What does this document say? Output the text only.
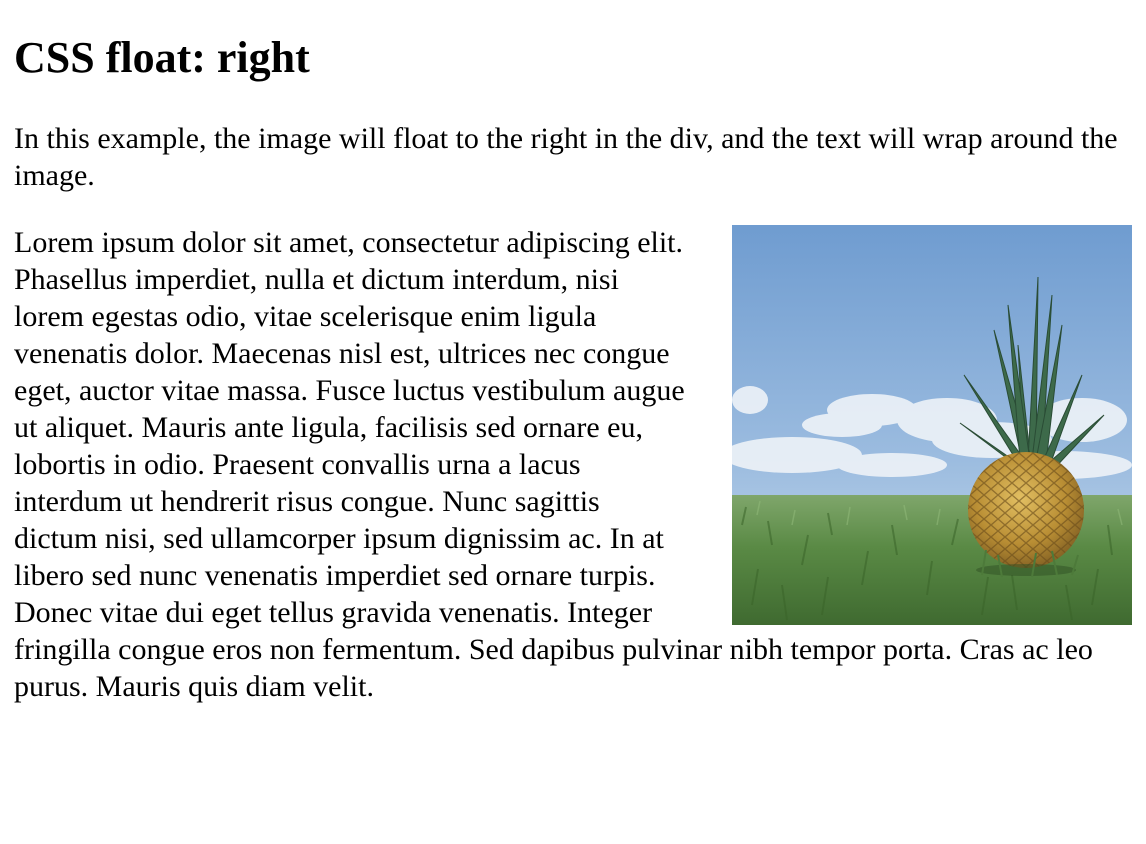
CSS float: right

In this example, the image will float to the right in the div, and the text will wrap around the image.

Lorem ipsum dolor sit amet, consectetur adipiscing elit. Phasellus imperdiet, nulla et dictum interdum, nisi lorem egestas odio, vitae scelerisque enim ligula venenatis dolor. Maecenas nisl est, ultrices nec congue eget, auctor vitae massa. Fusce luctus vestibulum augue ut aliquet. Mauris ante ligula, facilisis sed ornare eu, lobortis in odio. Praesent convallis urna a lacus interdum ut hendrerit risus congue. Nunc sagittis dictum nisi, sed ullamcorper ipsum dignissim ac. In at libero sed nunc venenatis imperdiet sed ornare turpis. Donec vitae dui eget tellus gravida venenatis. Integer fringilla congue eros non fermentum. Sed dapibus pulvinar nibh tempor porta. Cras ac leo purus. Mauris quis diam velit.
